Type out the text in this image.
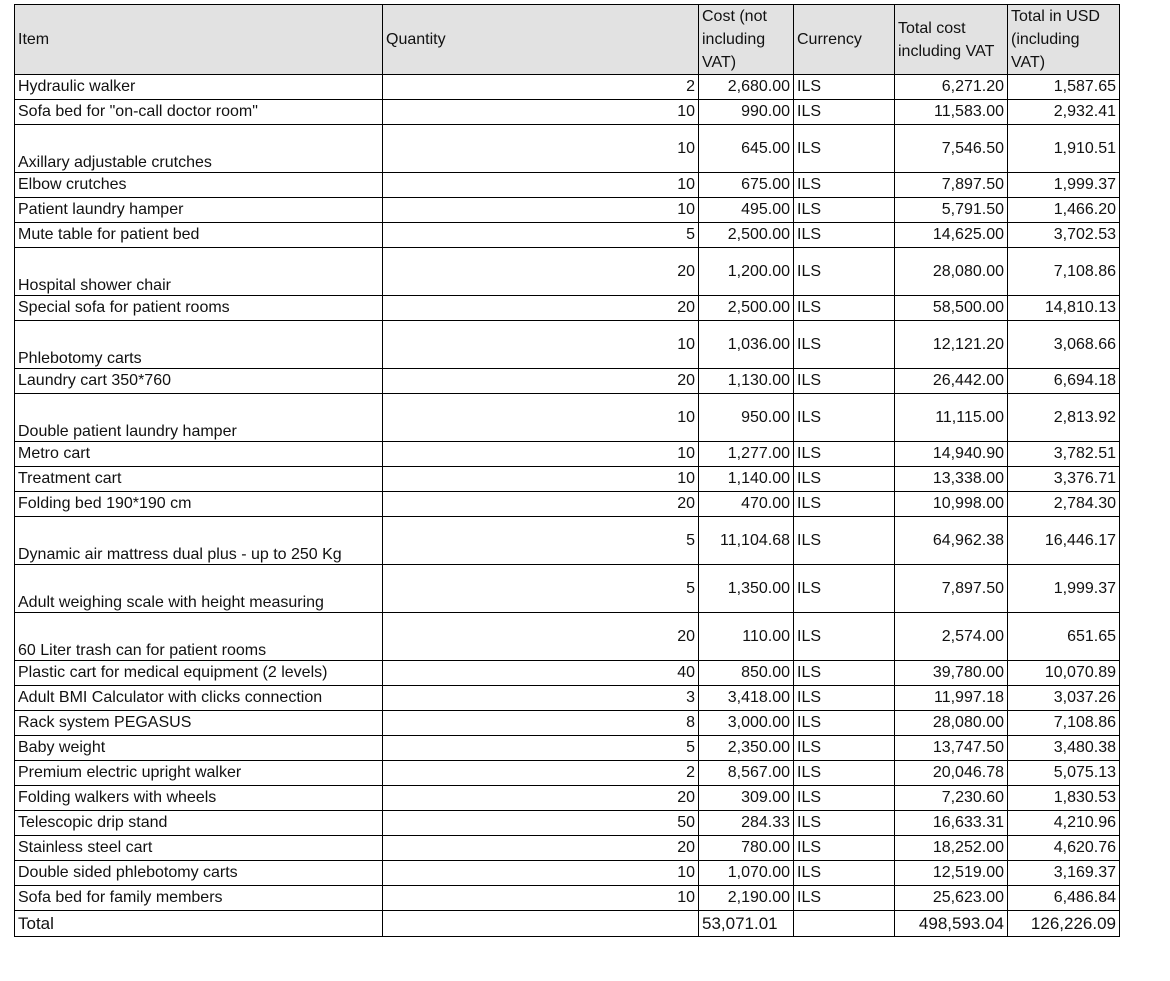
Item	Quantity	Cost (not including VAT)	Currency	Total cost including VAT	Total in USD (including VAT)
Hydraulic walker	2	2,680.00	ILS	6,271.20	1,587.65
Sofa bed for "on-call doctor room"	10	990.00	ILS	11,583.00	2,932.41
Axillary adjustable crutches	10	645.00	ILS	7,546.50	1,910.51
Elbow crutches	10	675.00	ILS	7,897.50	1,999.37
Patient laundry hamper	10	495.00	ILS	5,791.50	1,466.20
Mute table for patient bed	5	2,500.00	ILS	14,625.00	3,702.53
Hospital shower chair	20	1,200.00	ILS	28,080.00	7,108.86
Special sofa for patient rooms	20	2,500.00	ILS	58,500.00	14,810.13
Phlebotomy carts	10	1,036.00	ILS	12,121.20	3,068.66
Laundry cart 350*760	20	1,130.00	ILS	26,442.00	6,694.18
Double patient laundry hamper	10	950.00	ILS	11,115.00	2,813.92
Metro cart	10	1,277.00	ILS	14,940.90	3,782.51
Treatment cart	10	1,140.00	ILS	13,338.00	3,376.71
Folding bed 190*190 cm	20	470.00	ILS	10,998.00	2,784.30
Dynamic air mattress dual plus - up to 250 Kg	5	11,104.68	ILS	64,962.38	16,446.17
Adult weighing scale with height measuring	5	1,350.00	ILS	7,897.50	1,999.37
60 Liter trash can for patient rooms	20	110.00	ILS	2,574.00	651.65
Plastic cart for medical equipment (2 levels)	40	850.00	ILS	39,780.00	10,070.89
Adult BMI Calculator with clicks connection	3	3,418.00	ILS	11,997.18	3,037.26
Rack system PEGASUS	8	3,000.00	ILS	28,080.00	7,108.86
Baby weight	5	2,350.00	ILS	13,747.50	3,480.38
Premium electric upright walker	2	8,567.00	ILS	20,046.78	5,075.13
Folding walkers with wheels	20	309.00	ILS	7,230.60	1,830.53
Telescopic drip stand	50	284.33	ILS	16,633.31	4,210.96
Stainless steel cart	20	780.00	ILS	18,252.00	4,620.76
Double sided phlebotomy carts	10	1,070.00	ILS	12,519.00	3,169.37
Sofa bed for family members	10	2,190.00	ILS	25,623.00	6,486.84
Total		53,071.01		498,593.04	126,226.09
